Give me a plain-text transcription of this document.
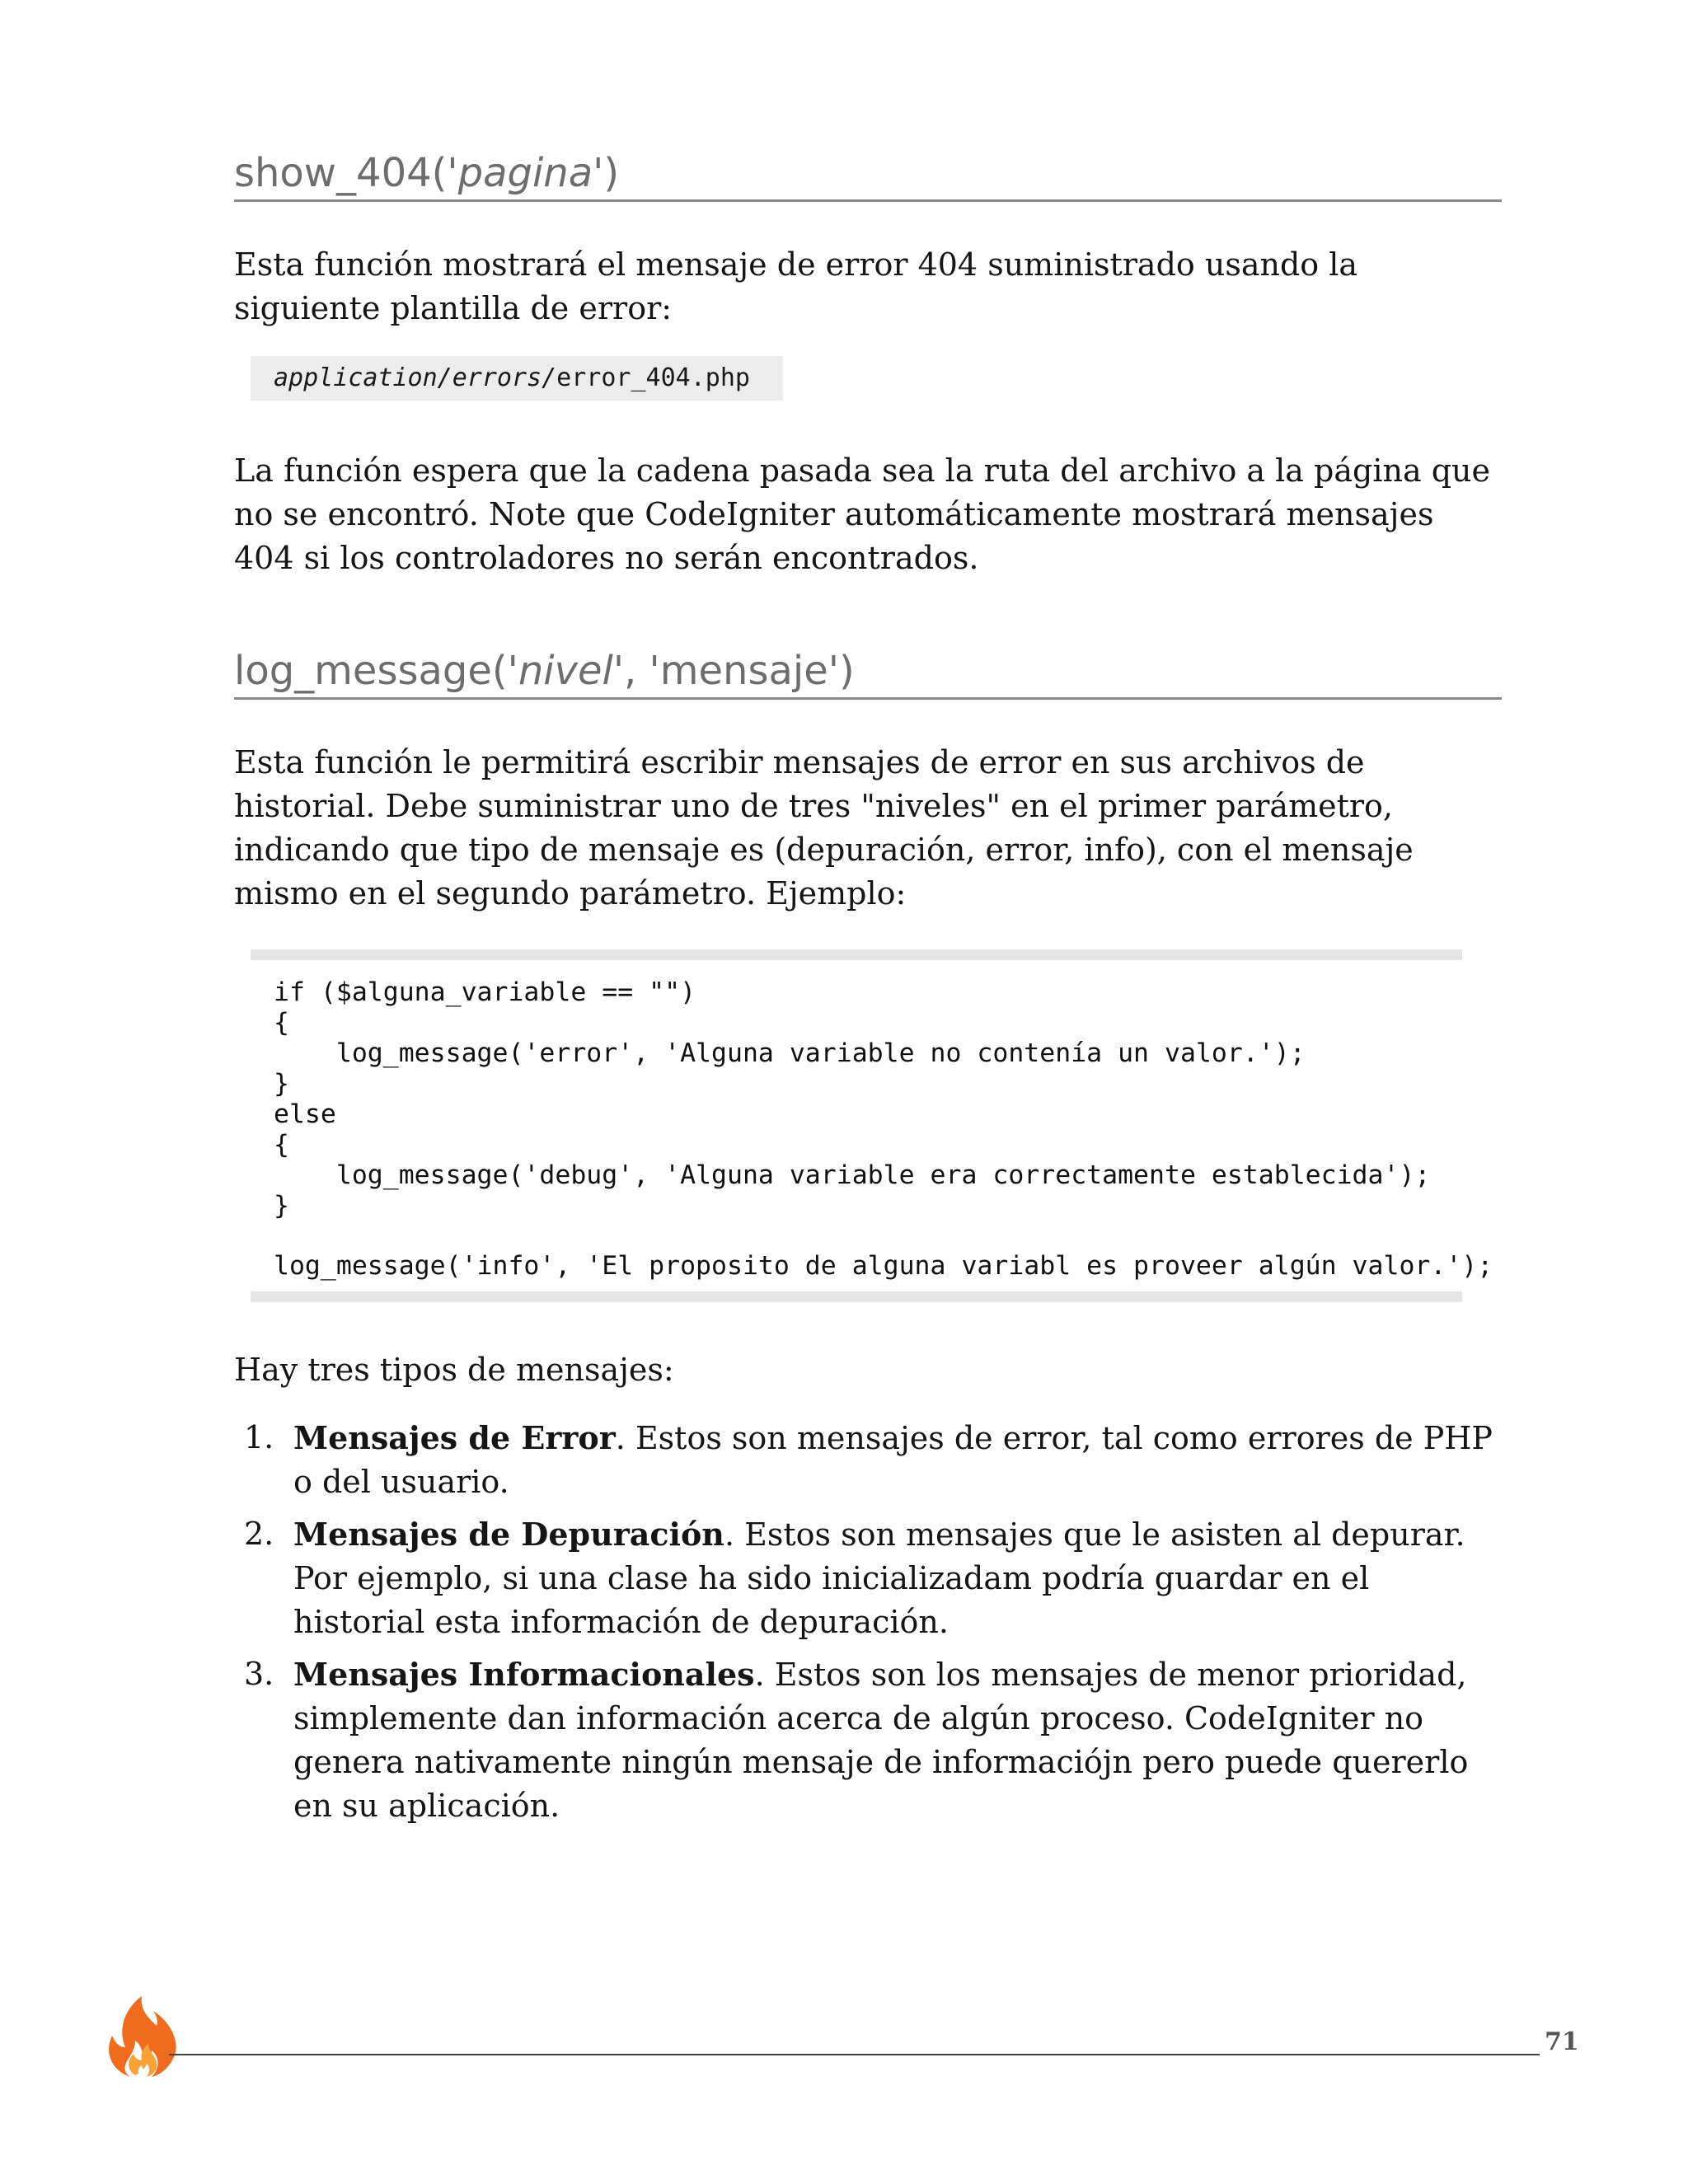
show_404('pagina')

Esta función mostrará el mensaje de error 404 suministrado usando la siguiente plantilla de error:

application/errors/error_404.php

La función espera que la cadena pasada sea la ruta del archivo a la página que no se encontró. Note que CodeIgniter automáticamente mostrará mensajes 404 si los controladores no serán encontrados.

log_message('nivel', 'mensaje')

Esta función le permitirá escribir mensajes de error en sus archivos de historial. Debe suministrar uno de tres "niveles" en el primer parámetro, indicando que tipo de mensaje es (depuración, error, info), con el mensaje mismo en el segundo parámetro. Ejemplo:

if ($alguna_variable == "")
{
log_message('error', 'Alguna variable no contenía un valor.');
}
else
{
log_message('debug', 'Alguna variable era correctamente establecida');
}
log_message('info', 'El proposito de alguna variabl es proveer algún valor.');

Hay tres tipos de mensajes:

1. Mensajes de Error. Estos son mensajes de error, tal como errores de PHP o del usuario.
2. Mensajes de Depuración. Estos son mensajes que le asisten al depurar. Por ejemplo, si una clase ha sido inicializadam podría guardar en el historial esta información de depuración.
3. Mensajes Informacionales. Estos son los mensajes de menor prioridad, simplemente dan información acerca de algún proceso. CodeIgniter no genera nativamente ningún mensaje de informacióјn pero puede quererlo en su aplicación.
71
